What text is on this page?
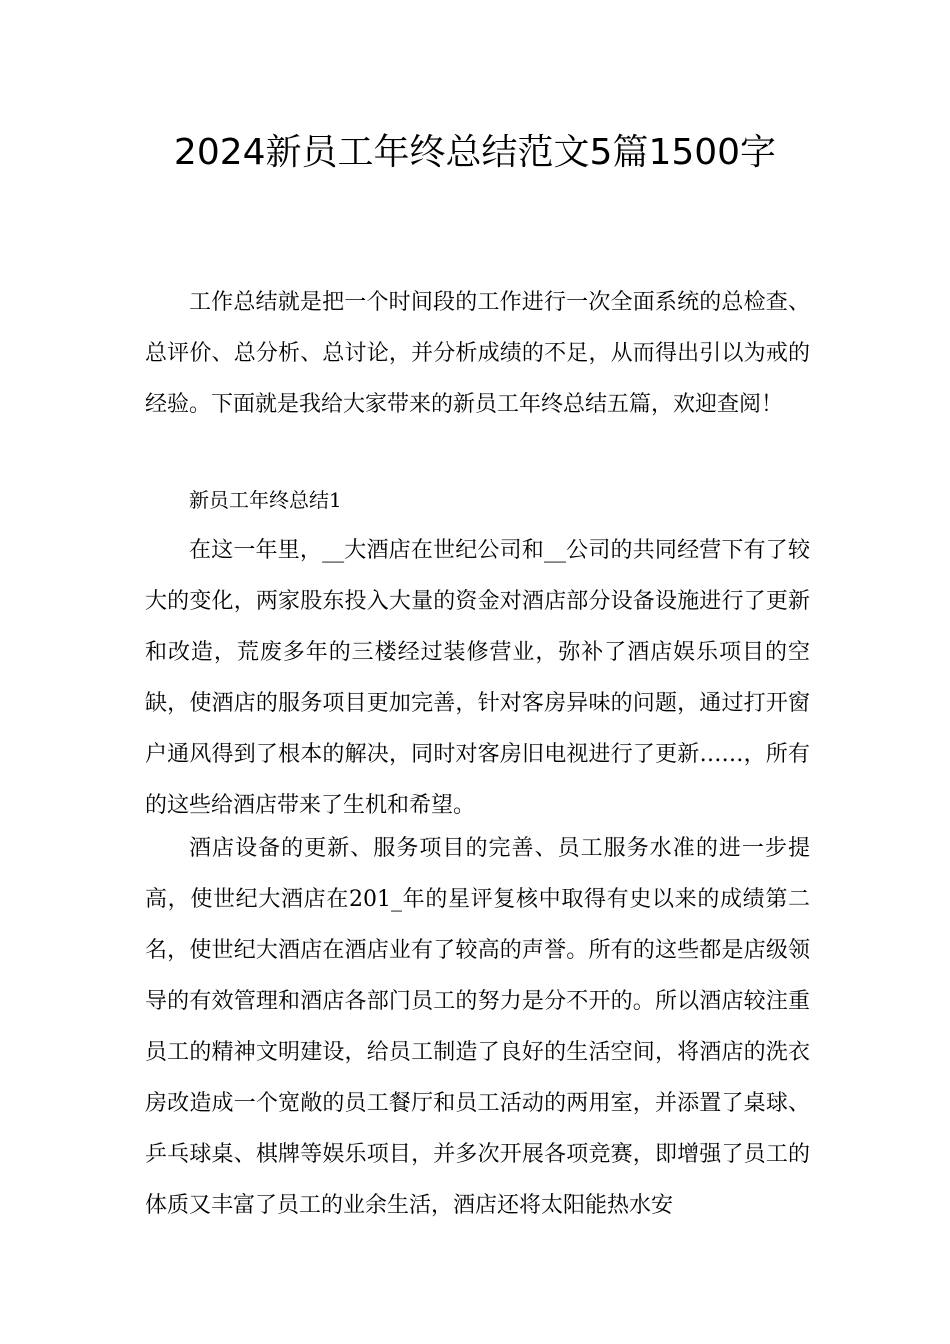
2024新员工年终总结范文5篇1500字

工作总结就是把一个时间段的工作进行一次全面系统的总检查、总评价、总分析、总讨论，并分析成绩的不足，从而得出引以为戒的经验。下面就是我给大家带来的新员工年终总结五篇，欢迎查阅！

新员工年终总结1

在这一年里，__大酒店在世纪公司和__公司的共同经营下有了较大的变化，两家股东投入大量的资金对酒店部分设备设施进行了更新和改造，荒废多年的三楼经过装修营业，弥补了酒店娱乐项目的空缺，使酒店的服务项目更加完善，针对客房异味的问题，通过打开窗户通风得到了根本的解决，同时对客房旧电视进行了更新……，所有的这些给酒店带来了生机和希望。

酒店设备的更新、服务项目的完善、员工服务水准的进一步提高，使世纪大酒店在201_年的星评复核中取得有史以来的成绩第二名，使世纪大酒店在酒店业有了较高的声誉。所有的这些都是店级领导的有效管理和酒店各部门员工的努力是分不开的。所以酒店较注重员工的精神文明建设，给员工制造了良好的生活空间，将酒店的洗衣房改造成一个宽敞的员工餐厅和员工活动的两用室，并添置了桌球、乒乓球桌、棋牌等娱乐项目，并多次开展各项竞赛，即增强了员工的体质又丰富了员工的业余生活，酒店还将太阳能热水安
